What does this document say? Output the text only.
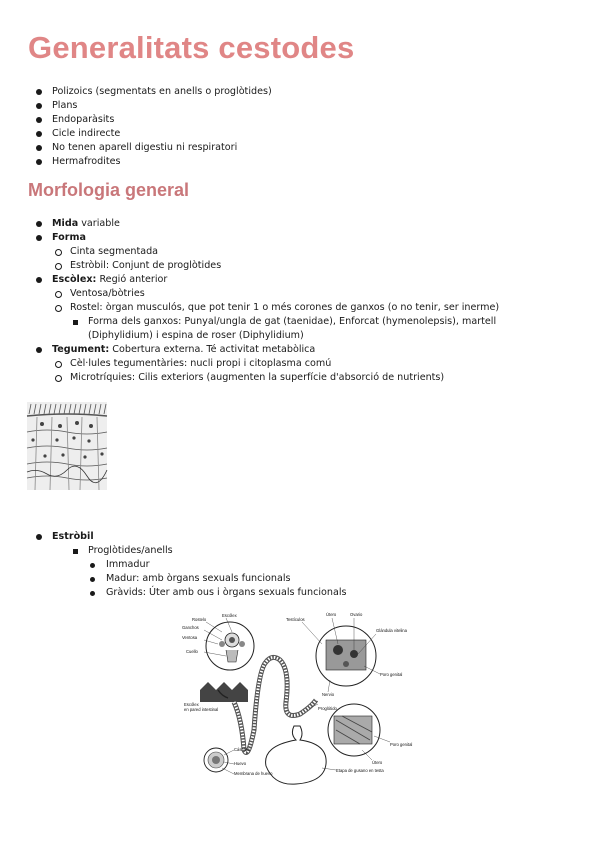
Generalitats cestodes
Polizoics (segmentats en anells o proglòtides)
Plans
Endoparàsits
Cicle indirecte
No tenen aparell digestiu ni respiratori
Hermafrodites
Morfologia general
Mida variable
Forma
Cinta segmentada
Estròbil: Conjunt de proglòtides
Escòlex: Regió anterior
Ventosa/bòtries
Rostel: òrgan musculós, que pot tenir 1 o més corones de ganxos (o no tenir, ser inerme)
Forma dels ganxos: Punyal/ungla de gat (taenidae), Enforcat (hymenolepsis), martell (Diphylidium) i espina de roser (Diphylidium)
Tegument: Cobertura externa. Té activitat metabòlica
Cèl·lules tegumentàries: nucli propi i citoplasma comú
Microtríquies: Cilis exteriors (augmenten la superfície d'absorció de nutrients)
Estròbil
Proglòtides/anells
Immadur
Madur: amb òrgans sexuals funcionals
Gràvids: Úter amb ous i òrgans sexuals funcionals
Rostelo
Escólex
Ganchos
Ventosa
Cuello
Escólex
en pared intestinal
Testículos
Útero	Ovario
Glándula vitelina
Poro genital
Nervio
Proglótido
Poro genital
Útero
Cáscara
Huevo
Membrana de huevo
Etapa de gusano en testa
